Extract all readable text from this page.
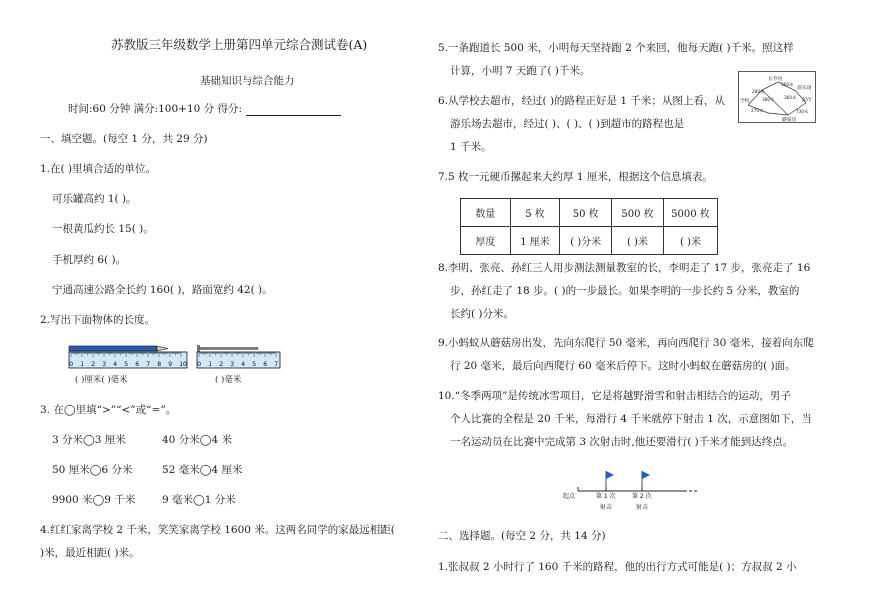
苏教版三年级数学上册第四单元综合测试卷(A)
基础知识与综合能力
时间:60 分钟 满分:100+10 分 得分:
一、填空题。(每空 1 分，共 29 分)
1.在( )里填合适的单位。
可乐罐高约 1( )。
一根黄瓜约长 15( )。
手机厚约 6( )。
宁通高速公路全长约 160( )，路面宽约 42( )。
2.写出下面物体的长度。
0 1 2 3 4 5 6 7 8 9 10
( )厘米( )毫米
0 1 2 3 4 5 6 7
( )毫米
3. 在◯里填“>”“<”或“=”。
3 分米◯3 厘米	40 分米◯4 米
50 厘米◯6 分米	52 毫米◯4 厘米
9900 米◯9 千米	9 毫米◯1 分米
4.红红家离学校 2 千米，笑笑家离学校 1600 米。这两名同学的家最远相距(
)米，最近相距( )米。
5.一条跑道长 500 米，小明每天坚持跑 2 个来回，他每天跑( )千米。照这样
计算，小明 7 天跑了( )千米。
长寿居
游乐场
学校	超市
蘑菇房
280米
360米
380米
270米
360米
730米
6.从学校去超市，经过( )的路程正好是 1 千米；从图上看，从
游乐场去超市，经过( )、( )、( )到超市的路程也是
1 千米。
7.5 枚一元硬币摞起来大约厚 1 厘米，根据这个信息填表。
数量	5 枚	50 枚	500 枚	5000 枚
厚度	1 厘米	( )分米	( )米	( )米
8.李明、张亮、孙红三人用步测法测量教室的长，李明走了 17 步，张亮走了 16
步，孙红走了 18 步。( )的一步最长。如果李明的一步长约 5 分米，教室的
长约( )分米。
9.小蚂蚁从蘑菇房出发，先向东爬行 50 毫米，再向西爬行 30 毫米，接着向东爬
行 20 毫米，最后向西爬行 60 毫米后停下。这时小蚂蚁在蘑菇房的( )面。
10.“冬季两项”是传统冰雪项目，它是将越野滑雪和射击相结合的运动，男子
个人比赛的全程是 20 千米，每滑行 4 千米就停下射击 1 次，示意图如下，当
一名运动员在比赛中完成第 3 次射击时,他还要滑行( )千米才能到达终点。
起点	第 1 次	第 2 次
射击	射击
二、选择题。(每空 2 分，共 14 分)
1.张叔叔 2 小时行了 160 千米的路程，他的出行方式可能是( )；方叔叔 2 小
